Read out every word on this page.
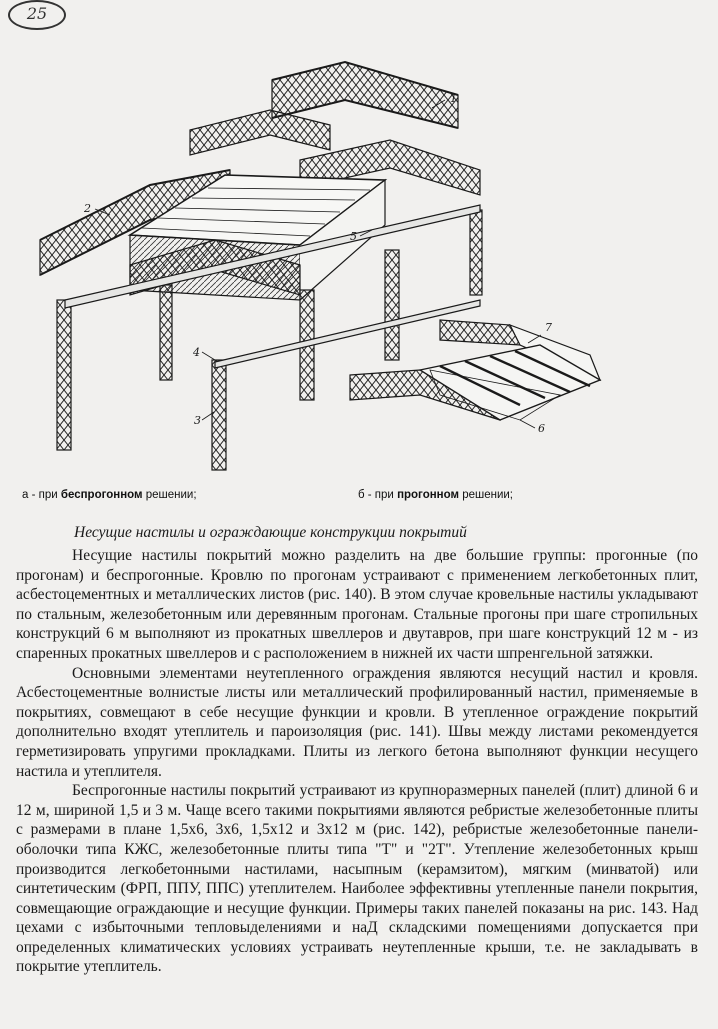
25
1
2
3
4
5
6
7
а - при беспрогонном решении;	б - при прогонном решении;
Несущие настилы и ограждающие конструкции покрытий

Несущие настилы покрытий можно разделить на две большие группы: прогонные (по прогонам) и беспрогонные. Кровлю по прогонам устраивают с применением легкобетонных плит, асбестоцементных и металлических листов (рис. 140). В этом случае кровельные настилы укладывают по стальным, железобетонным или деревянным прогонам. Стальные прогоны при шаге стропильных конструкций 6 м выполняют из прокатных швеллеров и двутавров, при шаге конструкций 12 м - из спаренных прокатных швеллеров и с расположением в нижней их части шпренгельной затяжки.

Основными элементами неутепленного ограждения являются несущий настил и кровля. Асбестоцементные волнистые листы или металлический профилированный настил, применяемые в покрытиях, совмещают в себе несущие функции и кровли. В утепленное ограждение покрытий дополнительно входят утеплитель и пароизоляция (рис. 141). Швы между листами рекомендуется герметизировать упругими прокладками. Плиты из легкого бетона выполняют функции несущего настила и утеплителя.

Беспрогонные настилы покрытий устраивают из крупноразмерных панелей (плит) длиной 6 и 12 м, шириной 1,5 и 3 м. Чаще всего такими покрытиями являются ребристые железобетонные плиты с размерами в плане 1,5х6, 3х6, 1,5х12 и 3х12 м (рис. 142), ребристые железобетонные панели-оболочки типа КЖС, железобетонные плиты типа "Т" и "2Т". Утепление железобетонных крыш производится легкобетонными настилами, насыпным (керамзитом), мягким (минватой) или синтетическим (ФРП, ППУ, ППС) утеплителем. Наиболее эффективны утепленные панели покрытия, совмещающие ограждающие и несущие функции. Примеры таких панелей показаны на рис. 143. Над цехами с избыточными тепловыделениями и наД складскими помещениями допускается при определенных климатических условиях устраивать неутепленные крыши, т.е. не закладывать в покрытие утеплитель.
